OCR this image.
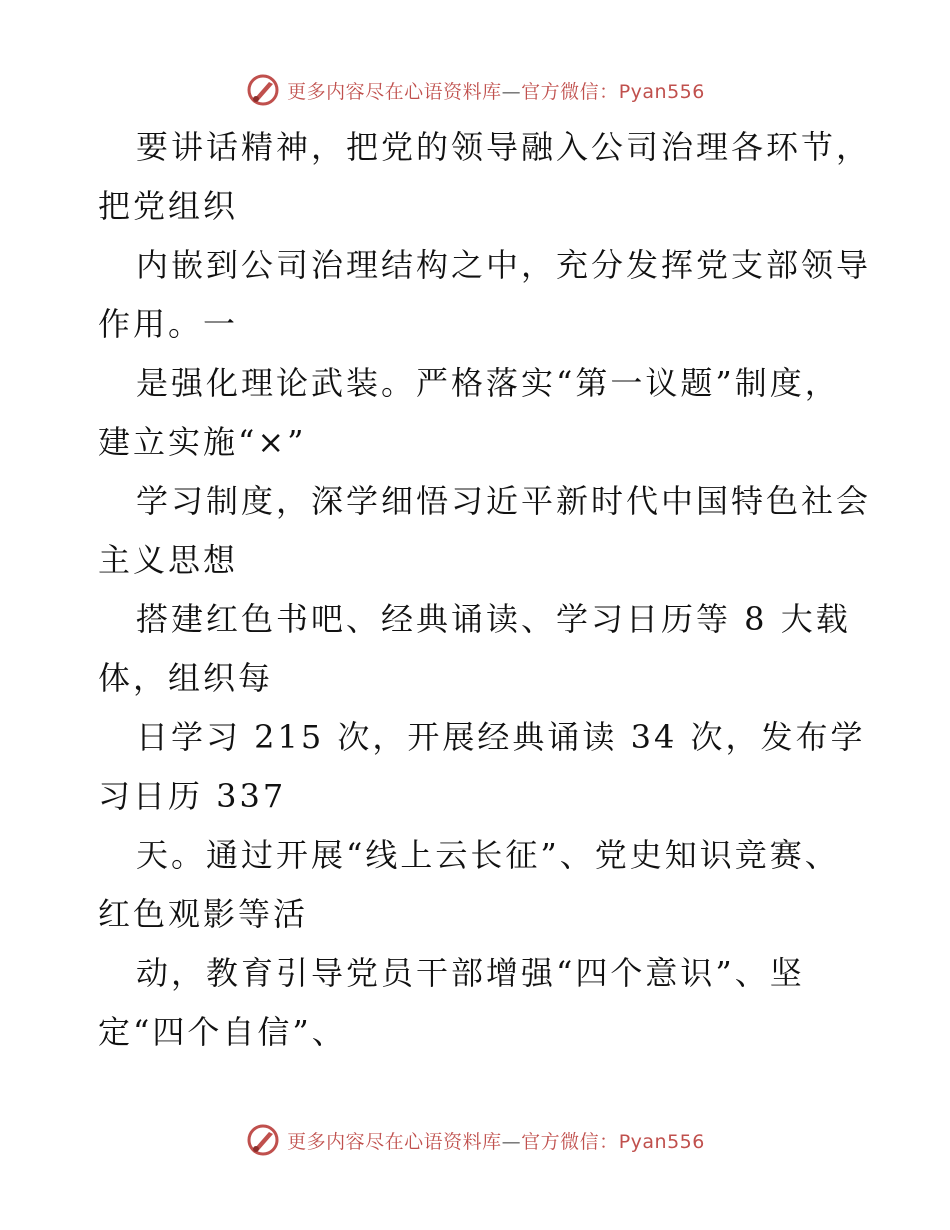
更多内容尽在心语资料库—官方微信：Pyan556
要讲话精神，把党的领导融入公司治理各环节，
把党组织
内嵌到公司治理结构之中，充分发挥党支部领导
作用。一
是强化理论武装。严格落实“第一议题”制度，
建立实施“×”
学习制度，深学细悟习近平新时代中国特色社会
主义思想
搭建红色书吧、经典诵读、学习日历等 8 大载
体，组织每
日学习 215 次，开展经典诵读 34 次，发布学
习日历 337
天。通过开展“线上云长征”、党史知识竞赛、
红色观影等活
动，教育引导党员干部增强“四个意识”、坚
定“四个自信”、
更多内容尽在心语资料库—官方微信：Pyan556
